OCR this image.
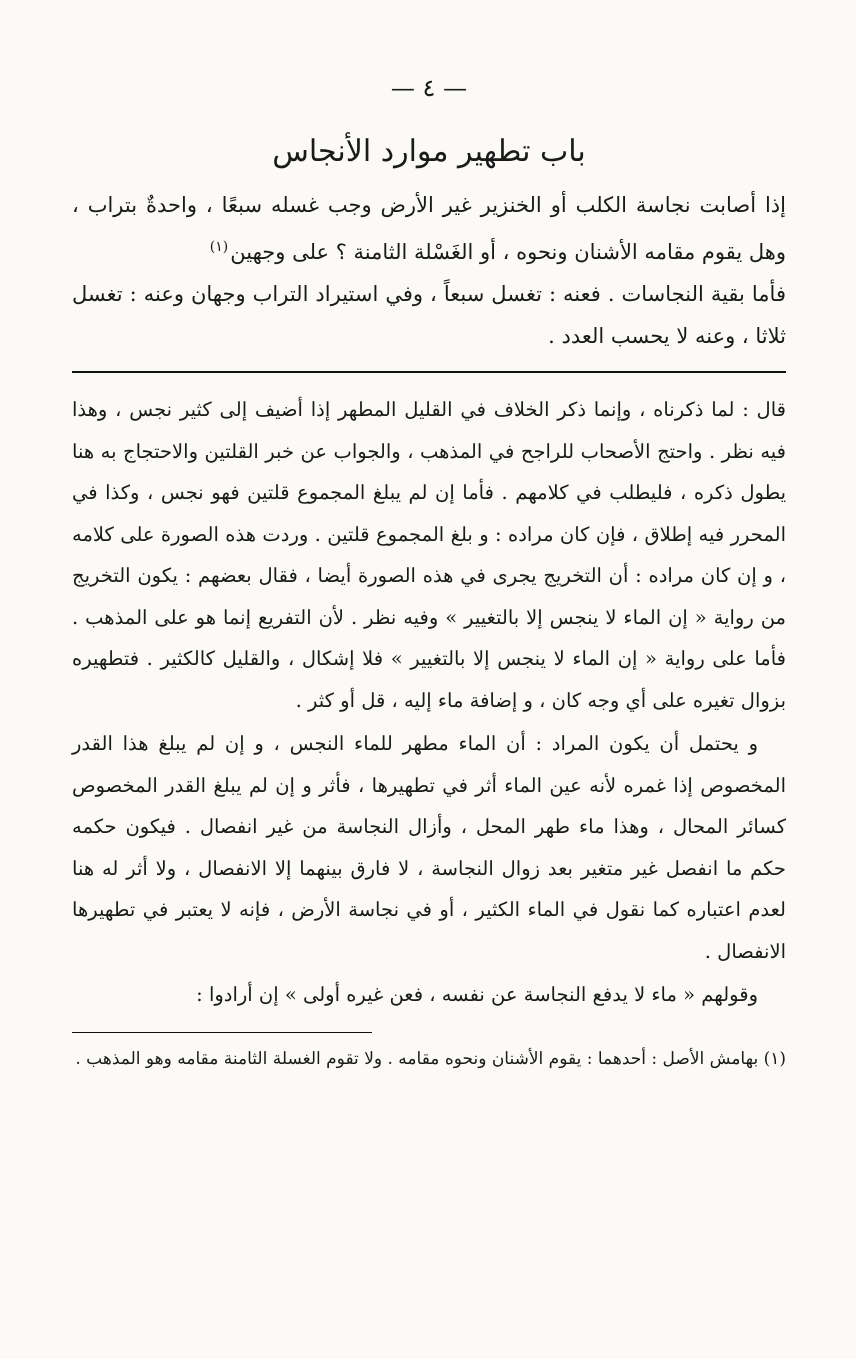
— ٤ —
باب تطهير موارد الأنجاس

إذا أصابت نجاسة الكلب أو الخنزير غير الأرض وجب غسله سبعًا ، واحدةٌ بتراب ، وهل يقوم مقامه الأشنان ونحوه ، أو الغَسْلة الثامنة ؟ على وجهين$^{(١)}$

فأما بقية النجاسات . فعنه : تغسل سبعاً ، وفي استيراد التراب وجهان وعنه : تغسل ثلاثا ، وعنه لا يحسب العدد .

قال : لما ذكرناه ، وإنما ذكر الخلاف في القليل المطهر إذا أضيف إلى كثير نجس ، وهذا فيه نظر . واحتج الأصحاب للراجح في المذهب ، والجواب عن خبر القلتين والاحتجاج به هنا يطول ذكره ، فليطلب في كلامهم . فأما إن لم يبلغ المجموع قلتين فهو نجس ، وكذا في المحرر فيه إطلاق ، فإن كان مراده : و بلغ المجموع قلتين . وردت هذه الصورة على كلامه ، و إن كان مراده : أن التخريج يجرى في هذه الصورة أيضا ، فقال بعضهم : يكون التخريج من رواية « إن الماء لا ينجس إلا بالتغيير » وفيه نظر . لأن التفريع إنما هو على المذهب . فأما على رواية « إن الماء لا ينجس إلا بالتغيير » فلا إشكال ، والقليل كالكثير . فتطهيره بزوال تغيره على أي وجه كان ، و إضافة ماء إليه ، قل أو كثر .

و يحتمل أن يكون المراد : أن الماء مطهر للماء النجس ، و إن لم يبلغ هذا القدر المخصوص إذا غمره لأنه عين الماء أثر في تطهيرها ، فأثر و إن لم يبلغ القدر المخصوص كسائر المحال ، وهذا ماء طهر المحل ، وأزال النجاسة من غير انفصال . فيكون حكمه حكم ما انفصل غير متغير بعد زوال النجاسة ، لا فارق بينهما إلا الانفصال ، ولا أثر له هنا لعدم اعتباره كما نقول في الماء الكثير ، أو في نجاسة الأرض ، فإنه لا يعتبر في تطهيرها الانفصال .

وقولهم « ماء لا يدفع النجاسة عن نفسه ، فعن غيره أولى » إن أرادوا :

(١) بهامش الأصل : أحدهما : يقوم الأشنان ونحوه مقامه . ولا تقوم الغسلة الثامنة مقامه وهو المذهب .
